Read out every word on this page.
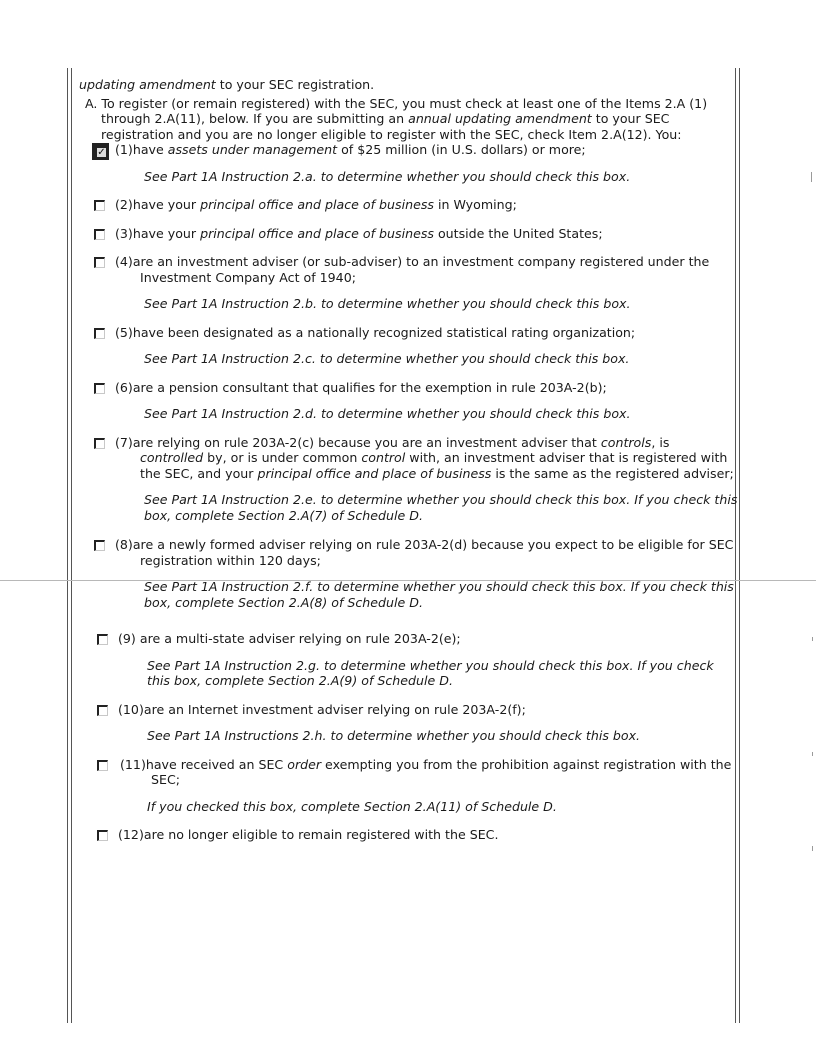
updating amendment to your SEC registration.

A. To register (or remain registered) with the SEC, you must check at least one of the Items 2.A (1) through 2.A(11), below. If you are submitting an annual updating amendment to your SEC registration and you are no longer eligible to register with the SEC, check Item 2.A(12). You:

✓ (1)have assets under management of $25 million (in U.S. dollars) or more;

See Part 1A Instruction 2.a. to determine whether you should check this box.

(2)have your principal office and place of business in Wyoming;
(3)have your principal office and place of business outside the United States;
(4)are an investment adviser (or sub-adviser) to an investment company registered under the Investment Company Act of 1940;

See Part 1A Instruction 2.b. to determine whether you should check this box.

(5)have been designated as a nationally recognized statistical rating organization;

See Part 1A Instruction 2.c. to determine whether you should check this box.

(6)are a pension consultant that qualifies for the exemption in rule 203A-2(b);

See Part 1A Instruction 2.d. to determine whether you should check this box.

(7)are relying on rule 203A-2(c) because you are an investment adviser that controls, is
controlled by, or is under common control with, an investment adviser that is registered with the SEC, and your principal office and place of business is the same as the registered adviser;

See Part 1A Instruction 2.e. to determine whether you should check this box. If you check this box, complete Section 2.A(7) of Schedule D.

(8)are a newly formed adviser relying on rule 203A-2(d) because you expect to be eligible for SEC registration within 120 days;

See Part 1A Instruction 2.f. to determine whether you should check this box. If you check this box, complete Section 2.A(8) of Schedule D.

(9) are a multi-state adviser relying on rule 203A-2(e);

See Part 1A Instruction 2.g. to determine whether you should check this box. If you check this box, complete Section 2.A(9) of Schedule D.

(10)are an Internet investment adviser relying on rule 203A-2(f);

See Part 1A Instructions 2.h. to determine whether you should check this box.

(11)have received an SEC order exempting you from the prohibition against registration with the SEC;

If you checked this box, complete Section 2.A(11) of Schedule D.

(12)are no longer eligible to remain registered with the SEC.
